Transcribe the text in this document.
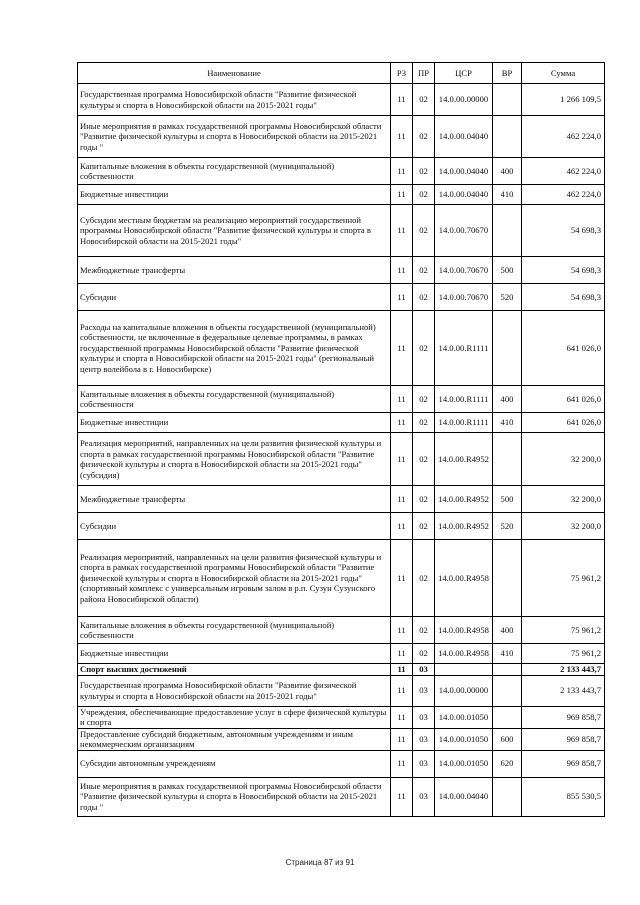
Наименование	РЗ	ПР	ЦСР	ВР	Сумма
Государственная программа Новосибирской области "Развитие физической культуры и спорта в Новосибирской области на 2015-2021 годы"	11	02	14.0.00.00000		1 266 109,5
Иные мероприятия в рамках государственной программы Новосибирской области "Развитие физической культуры и спорта в Новосибирской области на 2015-2021 годы "	11	02	14.0.00.04040		462 224,0
Капитальные вложения в объекты государственной (муниципальной) собственности	11	02	14.0.00.04040	400	462 224,0
Бюджетные инвестиции	11	02	14.0.00.04040	410	462 224,0
Субсидии местным бюджетам на реализацию мероприятий государственной программы Новосибирской области "Развитие физической культуры и спорта в Новосибирской области на 2015-2021 годы"	11	02	14.0.00.70670		54 698,3
Межбюджетные трансферты	11	02	14.0.00.70670	500	54 698,3
Субсидии	11	02	14.0.00.70670	520	54 698,3
Расходы на капитальные вложения в объекты государственной (муниципальной) собственности, не включенные в федеральные целевые программы, в рамках государственной программы Новосибирской области "Развитие физической культуры и спорта в Новосибирской области на 2015-2021 годы" (региональный центр волейбола в г. Новосибирске)	11	02	14.0.00.R1111		641 026,0
Капитальные вложения в объекты государственной (муниципальной) собственности	11	02	14.0.00.R1111	400	641 026,0
Бюджетные инвестиции	11	02	14.0.00.R1111	410	641 026,0
Реализация мероприятий, направленных на цели развития физической культуры и спорта в рамках государственной программы Новосибирской области "Развитие физической культуры и спорта в Новосибирской области на 2015-2021 годы" (субсидия)	11	02	14.0.00.R4952		32 200,0
Межбюджетные трансферты	11	02	14.0.00.R4952	500	32 200,0
Субсидии	11	02	14.0.00.R4952	520	32 200,0
Реализация мероприятий, направленных на цели развития физической культуры и спорта в рамках государственной программы Новосибирской области "Развитие физической культуры и спорта в Новосибирской области на 2015-2021 годы" (спортивный комплекс с универсальным игровым залом в р.п. Сузун Сузунского района Новосибирской области)	11	02	14.0.00.R4958		75 961,2
Капитальные вложения в объекты государственной (муниципальной) собственности	11	02	14.0.00.R4958	400	75 961,2
Бюджетные инвестиции	11	02	14.0.00.R4958	410	75 961,2
Спорт высших достижений	11	03			2 133 443,7
Государственная программа Новосибирской области "Развитие физической культуры и спорта в Новосибирской области на 2015-2021 годы"	11	03	14.0.00.00000		2 133 443,7
Учреждения, обеспечивающие предоставление услуг в сфере физической культуры и спорта	11	03	14.0.00.01050		969 858,7
Предоставление субсидий бюджетным, автономным учреждениям и иным некоммерческим организациям	11	03	14.0.00.01050	600	969 858,7
Субсидии автономным учреждениям	11	03	14.0.00.01050	620	969 858,7
Иные мероприятия в рамках государственной программы Новосибирской области "Развитие физической культуры и спорта в Новосибирской области на 2015-2021 годы "	11	03	14.0.00.04040		855 530,5
Страница 87 из 91
